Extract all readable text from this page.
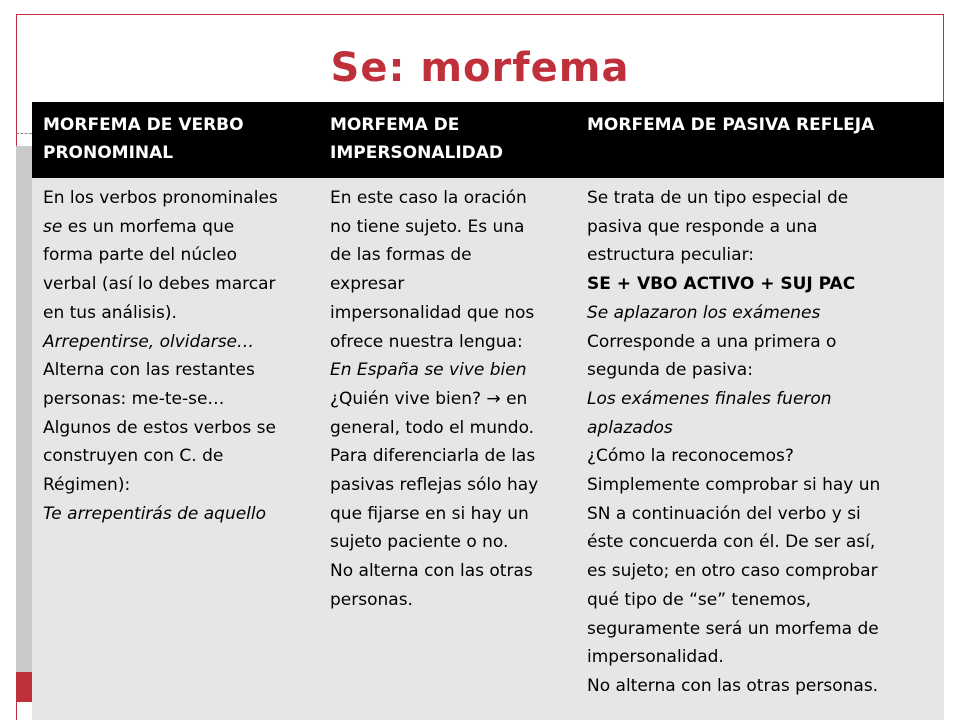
Se: morfema
MORFEMA DE VERBO PRONOMINAL
MORFEMA DE IMPERSONALIDAD
MORFEMA DE PASIVA REFLEJA
En los verbos pronominales
se es un morfema que
forma parte del núcleo
verbal (así lo debes marcar
en tus análisis).
Arrepentirse, olvidarse…
Alterna con las restantes
personas: me-te-se…
Algunos de estos verbos se
construyen con C. de
Régimen):
Te arrepentirás de aquello
En este caso la oración
no tiene sujeto. Es una
de las formas de
expresar
impersonalidad que nos
ofrece nuestra lengua:
En España se vive bien
¿Quién vive bien? → en
general, todo el mundo.
Para diferenciarla de las
pasivas reflejas sólo hay
que fijarse en si hay un
sujeto paciente o no.
No alterna con las otras
personas.
Se trata de un tipo especial de
pasiva que responde a una
estructura peculiar:
SE + VBO ACTIVO + SUJ PAC
Se aplazaron los exámenes
Corresponde a una primera o
segunda de pasiva:
Los exámenes finales fueron
aplazados
¿Cómo la reconocemos?
Simplemente comprobar si hay un
SN a continuación del verbo y si
éste concuerda con él. De ser así,
es sujeto; en otro caso comprobar
qué tipo de “se” tenemos,
seguramente será un morfema de
impersonalidad.
No alterna con las otras personas.
